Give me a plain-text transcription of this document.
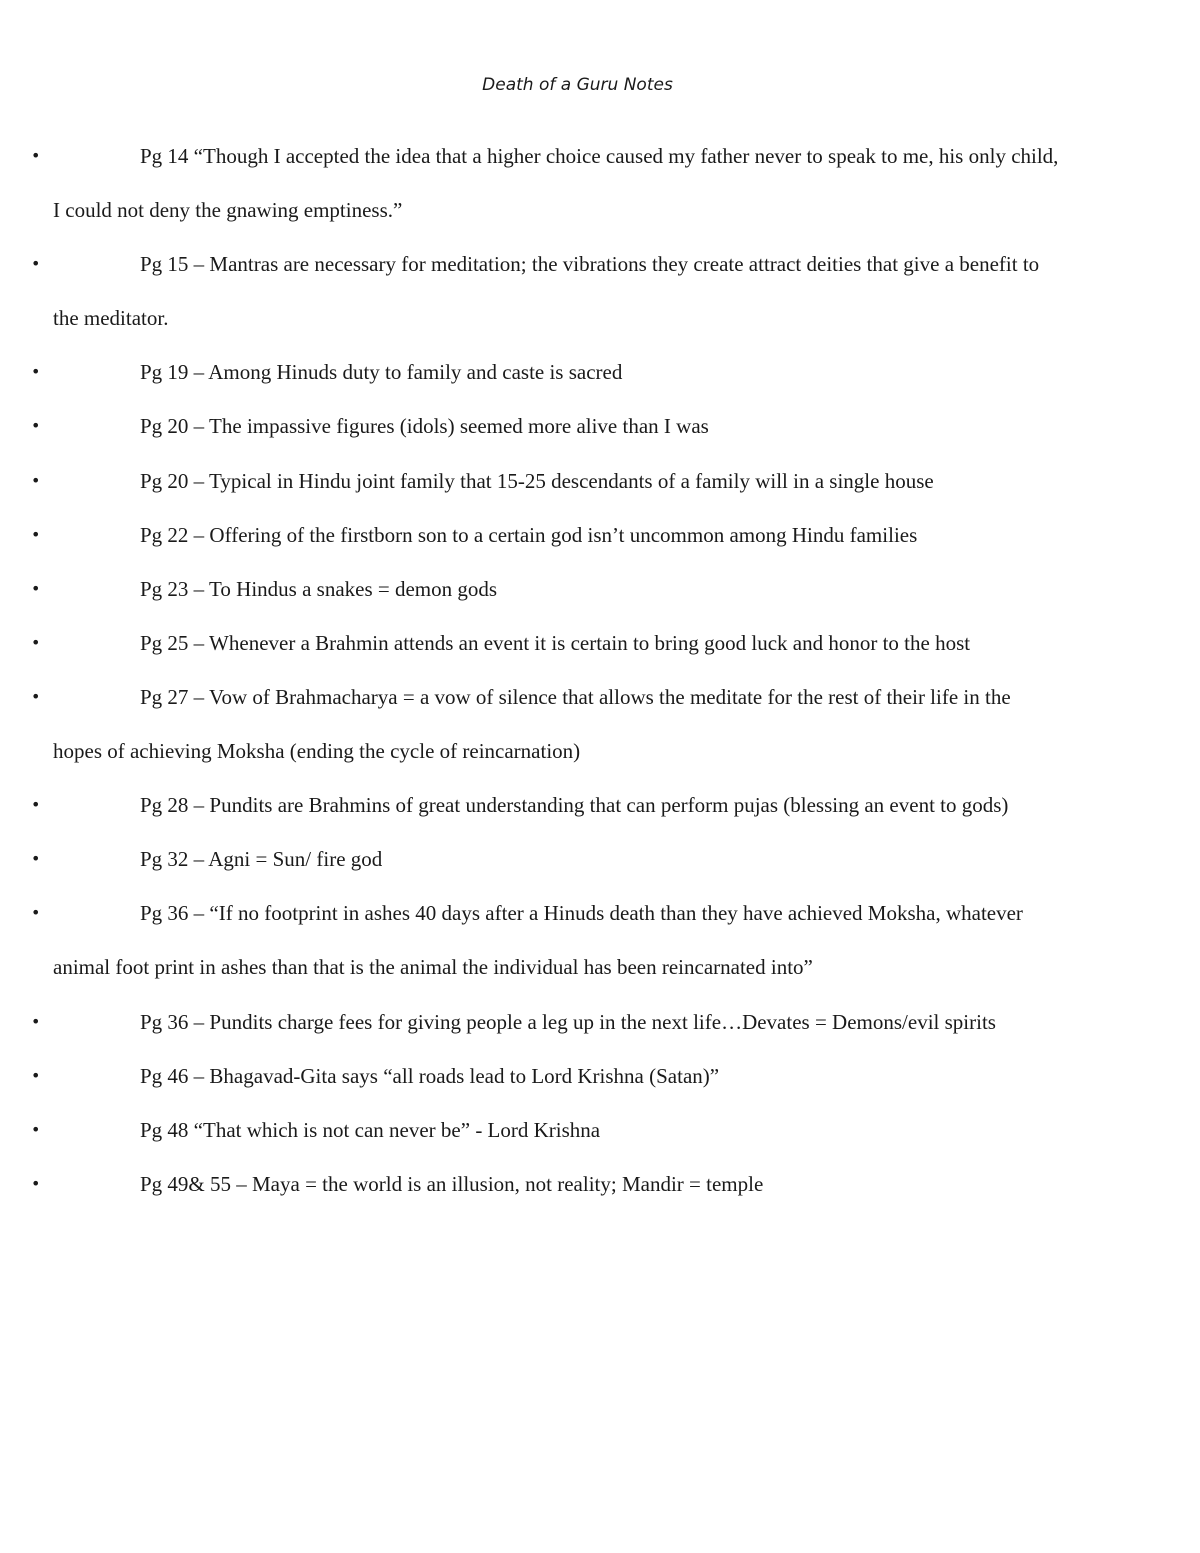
Death of a Guru Notes
•	Pg 14 “Though I accepted the idea that a higher choice caused my father never to speak to me, his only child, I could not deny the gnawing emptiness.”
•	Pg 15 – Mantras are necessary for meditation; the vibrations they create attract deities that give a benefit to the meditator.
•	Pg 19 – Among Hinuds duty to family and caste is sacred
•	Pg 20 – The impassive figures (idols) seemed more alive than I was
•	Pg 20 – Typical in Hindu joint family that 15-25 descendants of a family will in a single house
•	Pg 22 – Offering of the firstborn son to a certain god isn’t uncommon among Hindu families
•	Pg 23 – To Hindus a snakes = demon gods
•	Pg 25 – Whenever a Brahmin attends an event it is certain to bring good luck and honor to the host
•	Pg 27 – Vow of Brahmacharya = a vow of silence that allows the meditate for the rest of their life in the hopes of achieving Moksha (ending the cycle of reincarnation)
•	Pg 28 – Pundits are Brahmins of great understanding that can perform pujas (blessing an event to gods)
•	Pg 32 – Agni = Sun/ fire god
•	Pg 36 – “If no footprint in ashes 40 days after a Hinuds death than they have achieved Moksha, whatever animal foot print in ashes than that is the animal the individual has been reincarnated into”
•	Pg 36 – Pundits charge fees for giving people a leg up in the next life…Devates = Demons/evil spirits
•	Pg 46 – Bhagavad-Gita says “all roads lead to Lord Krishna (Satan)”
•	Pg 48 “That which is not can never be” - Lord Krishna
•	Pg 49& 55 – Maya = the world is an illusion, not reality; Mandir = temple
